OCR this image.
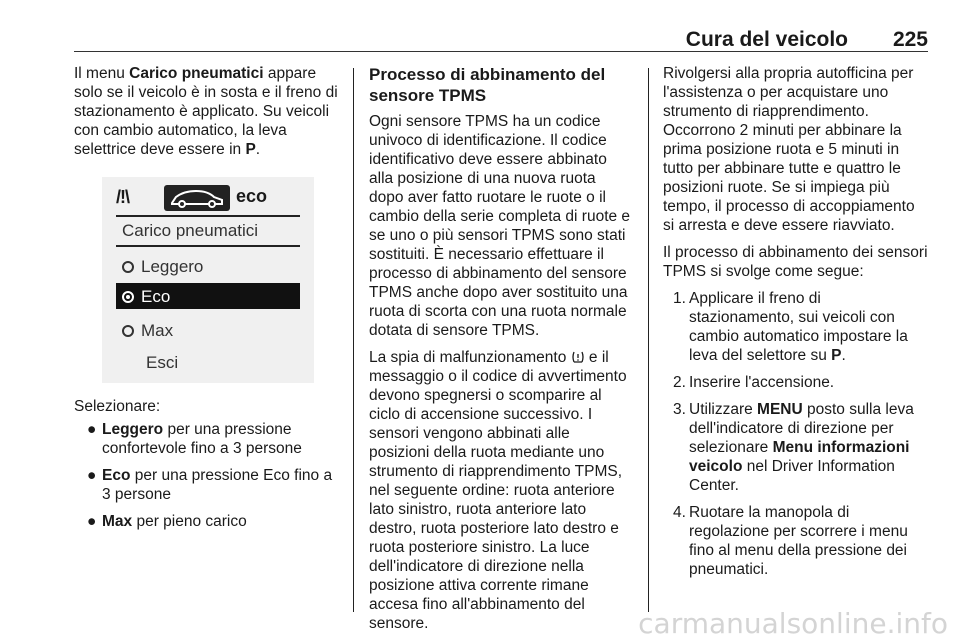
Cura del veicolo 225

Il menu Carico pneumatici appare solo se il veicolo è in sosta e il freno di stazionamento è applicato. Su veicoli con cambio automatico, la leva selettrice deve essere in P.

/!\	eco
Carico pneumatici
Leggero
Eco
Max
Esci

Selezionare:

● Leggero per una pressione confortevole fino a 3 persone
● Eco per una pressione Eco fino a 3 persone
● Max per pieno carico
Processo di abbinamento del sensore TPMS

Ogni sensore TPMS ha un codice univoco di identificazione. Il codice identificativo deve essere abbinato alla posizione di una nuova ruota dopo aver fatto ruotare le ruote o il cambio della serie completa di ruote e se uno o più sensori TPMS sono stati sostituiti. È necessario effettuare il processo di abbinamento del sensore TPMS anche dopo aver sostituito una ruota di scorta con una ruota normale dotata di sensore TPMS.

La spia di malfunzionamento  e il messaggio o il codice di avvertimento devono spegnersi o scomparire al ciclo di accensione successivo. I sensori vengono abbinati alle posizioni della ruota mediante uno strumento di riapprendimento TPMS, nel seguente ordine: ruota anteriore lato sinistro, ruota anteriore lato destro, ruota posteriore lato destro e ruota posteriore sinistro. La luce dell'indicatore di direzione nella posizione attiva corrente rimane accesa fino all'abbinamento del sensore.

Rivolgersi alla propria autofficina per l'assistenza o per acquistare uno strumento di riapprendimento. Occorrono 2 minuti per abbinare la prima posizione ruota e 5 minuti in tutto per abbinare tutte e quattro le posizioni ruote. Se si impiega più tempo, il processo di accoppiamento si arresta e deve essere riavviato.

Il processo di abbinamento dei sensori TPMS si svolge come segue:

1. Applicare il freno di stazionamento, sui veicoli con cambio automatico impostare la leva del selettore su P.
2. Inserire l'accensione.
3. Utilizzare MENU posto sulla leva dell'indicatore di direzione per selezionare Menu informazioni veicolo nel Driver Information Center.
4. Ruotare la manopola di regolazione per scorrere i menu fino al menu della pressione dei pneumatici.
carmanualsonline.info
